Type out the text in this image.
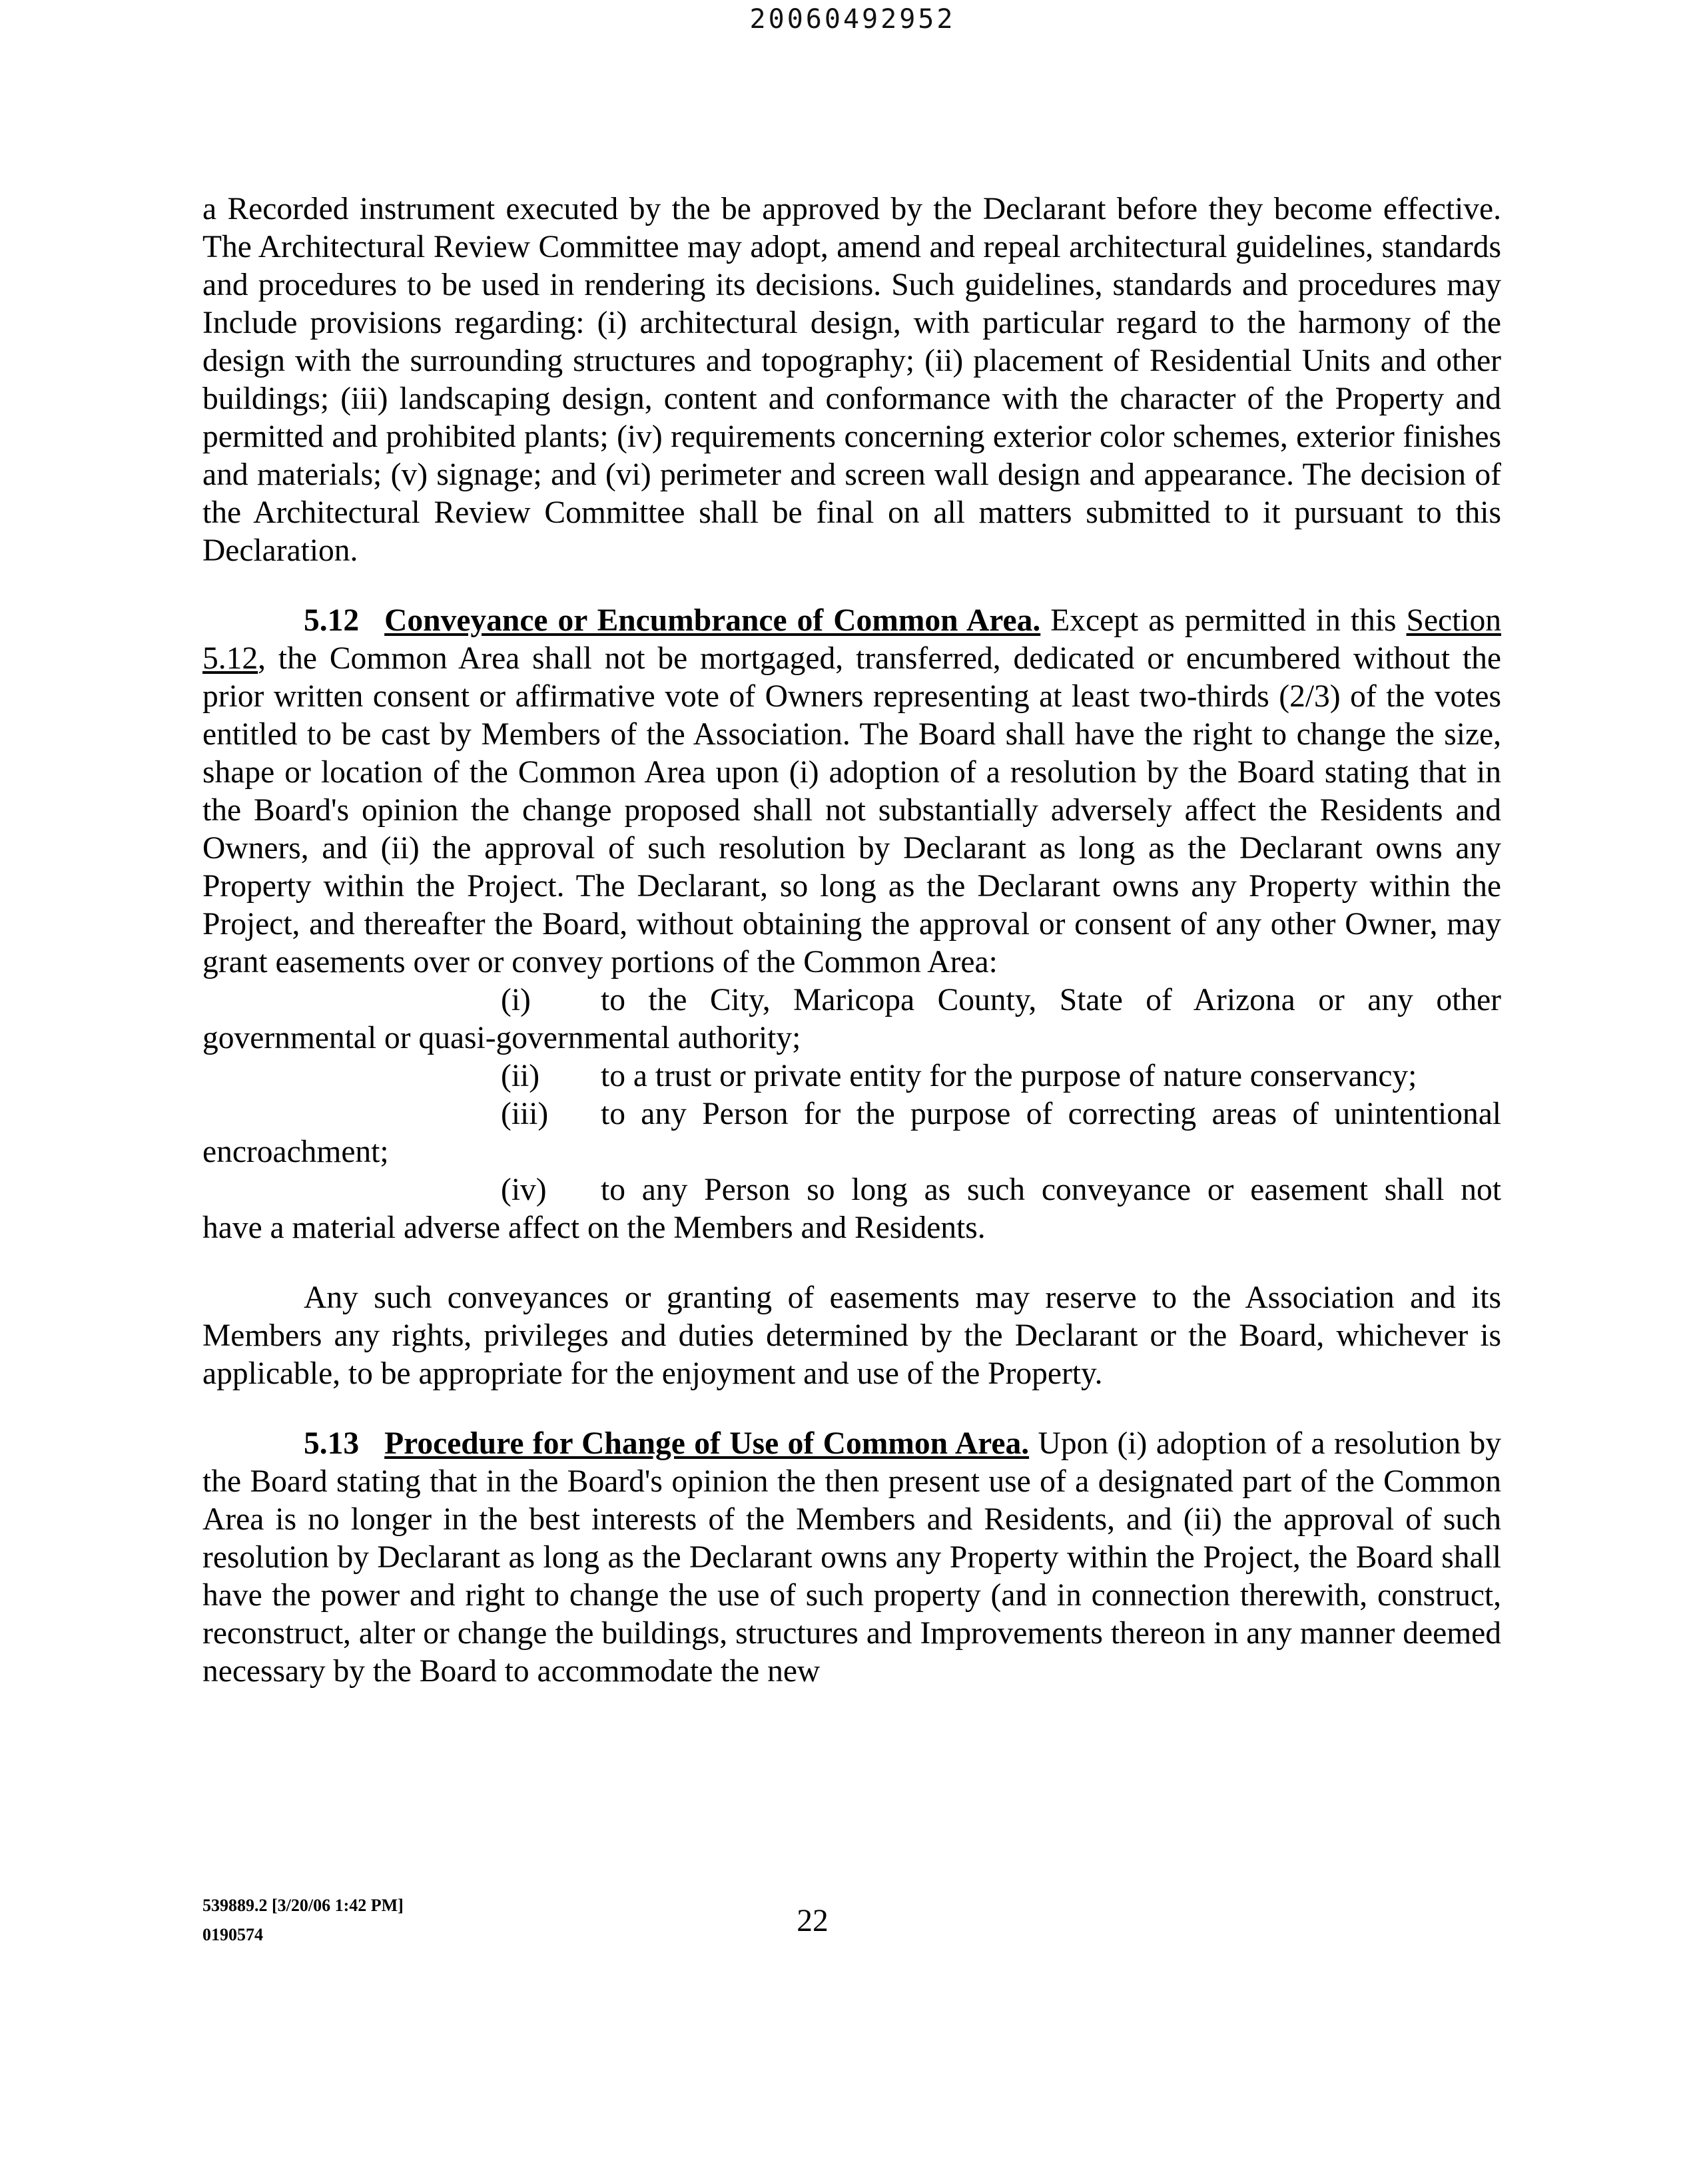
20060492952

a Recorded instrument executed by the be approved by the Declarant before they become effective. The Architectural Review Committee may adopt, amend and repeal architectural guidelines, standards and procedures to be used in rendering its decisions. Such guidelines, standards and procedures may Include provisions regarding: (i) architectural design, with particular regard to the harmony of the design with the surrounding structures and topography; (ii) placement of Residential Units and other buildings; (iii) landscaping design, content and conformance with the character of the Property and permitted and prohibited plants; (iv) requirements concerning exterior color schemes, exterior finishes and materials; (v) signage; and (vi) perimeter and screen wall design and appearance. The decision of the Architectural Review Committee shall be final on all matters submitted to it pursuant to this Declaration.

5.12 Conveyance or Encumbrance of Common Area. Except as permitted in this Section 5.12, the Common Area shall not be mortgaged, transferred, dedicated or encumbered without the prior written consent or affirmative vote of Owners representing at least two-thirds (2/3) of the votes entitled to be cast by Members of the Association. The Board shall have the right to change the size, shape or location of the Common Area upon (i) adoption of a resolution by the Board stating that in the Board's opinion the change proposed shall not substantially adversely affect the Residents and Owners, and (ii) the approval of such resolution by Declarant as long as the Declarant owns any Property within the Project. The Declarant, so long as the Declarant owns any Property within the Project, and thereafter the Board, without obtaining the approval or consent of any other Owner, may grant easements over or convey portions of the Common Area:

(i)	to the City, Maricopa County, State of Arizona or any other
governmental or quasi-governmental authority;
(ii)	to a trust or private entity for the purpose of nature conservancy;
(iii)	to any Person for the purpose of correcting areas of unintentional
encroachment;
(iv)	to any Person so long as such conveyance or easement shall not
have a material adverse affect on the Members and Residents.

Any such conveyances or granting of easements may reserve to the Association and its Members any rights, privileges and duties determined by the Declarant or the Board, whichever is applicable, to be appropriate for the enjoyment and use of the Property.

5.13 Procedure for Change of Use of Common Area. Upon (i) adoption of a resolution by the Board stating that in the Board's opinion the then present use of a designated part of the Common Area is no longer in the best interests of the Members and Residents, and (ii) the approval of such resolution by Declarant as long as the Declarant owns any Property within the Project, the Board shall have the power and right to change the use of such property (and in connection therewith, construct, reconstruct, alter or change the buildings, structures and Improvements thereon in any manner deemed necessary by the Board to accommodate the new

539889.2 [3/20/06 1:42 PM]
0190574	22
